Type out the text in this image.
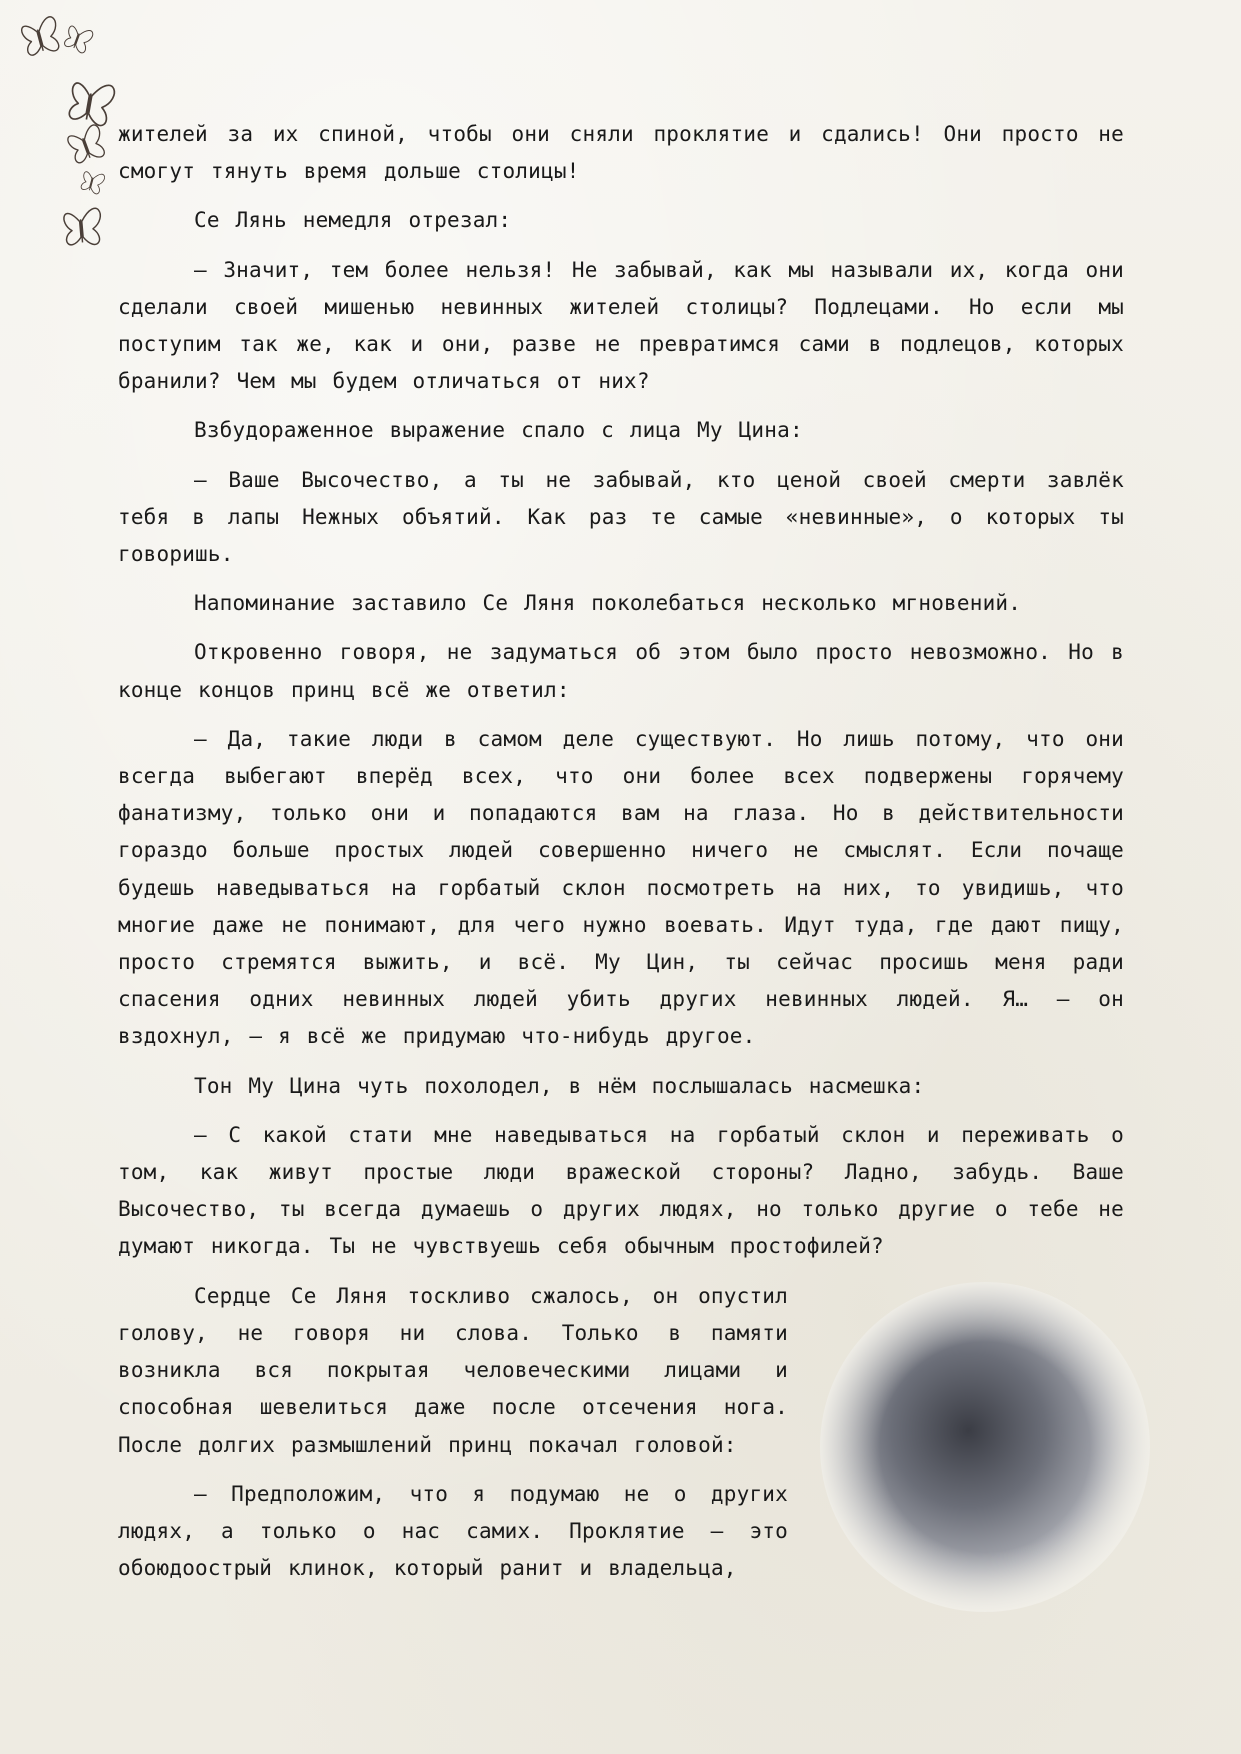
жителей за их спиной, чтобы они сняли проклятие и сдались! Они просто не смогут тянуть время дольше столицы!

Се Лянь немедля отрезал:

— Значит, тем более нельзя! Не забывай, как мы называли их, когда они сделали своей мишенью невинных жителей столицы? Подлецами. Но если мы поступим так же, как и они, разве не превратимся сами в подлецов, которых бранили? Чем мы будем отличаться от них?

Взбудораженное выражение спало с лица Му Цина:

— Ваше Высочество, а ты не забывай, кто ценой своей смерти завлёк тебя в лапы Нежных объятий. Как раз те самые «невинные», о которых ты говоришь.

Напоминание заставило Се Ляня поколебаться несколько мгновений.

Откровенно говоря, не задуматься об этом было просто невозможно. Но в конце концов принц всё же ответил:

— Да, такие люди в самом деле существуют. Но лишь потому, что они всегда выбегают вперёд всех, что они более всех подвержены горячему фанатизму, только они и попадаются вам на глаза. Но в действительности гораздо больше простых людей совершенно ничего не смыслят. Если почаще будешь наведываться на горбатый склон посмотреть на них, то увидишь, что многие даже не понимают, для чего нужно воевать. Идут туда, где дают пищу, просто стремятся выжить, и всё. Му Цин, ты сейчас просишь меня ради спасения одних невинных людей убить других невинных людей. Я… — он вздохнул, — я всё же придумаю что-нибудь другое.

Тон Му Цина чуть похолодел, в нём послышалась насмешка:

— С какой стати мне наведываться на горбатый склон и переживать о том, как живут простые люди вражеской стороны? Ладно, забудь. Ваше Высочество, ты всегда думаешь о других людях, но только другие о тебе не думают никогда. Ты не чувствуешь себя обычным простофилей?

Сердце Се Ляня тоскливо сжалось, он опустил голову, не говоря ни слова. Только в памяти возникла вся покрытая человеческими лицами и способная шевелиться даже после отсечения нога. После долгих размышлений принц покачал головой:

— Предположим, что я подумаю не о других людях, а только о нас самих. Проклятие — это обоюдоострый клинок, который ранит и владельца,
